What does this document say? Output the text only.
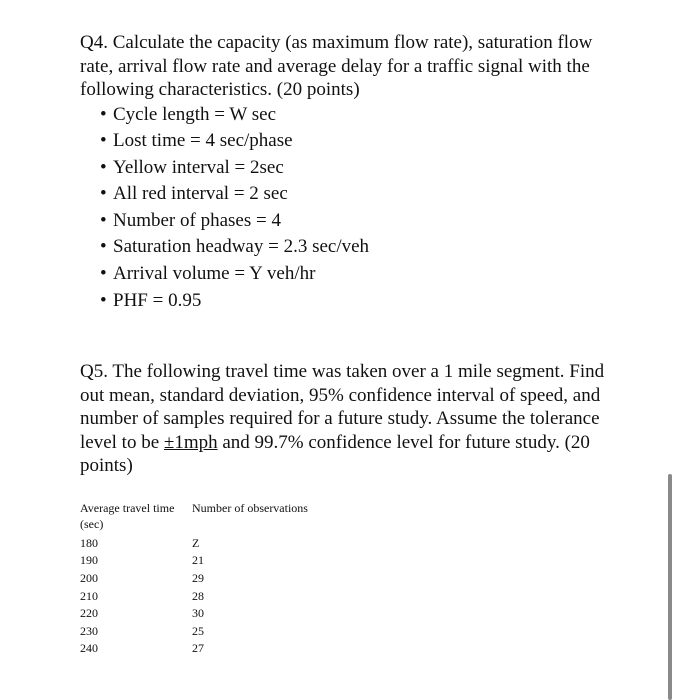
Q4. Calculate the capacity (as maximum flow rate), saturation flow rate, arrival flow rate and average delay for a traffic signal with the following characteristics. (20 points)

• Cycle length = W sec
• Lost time = 4 sec/phase
• Yellow interval = 2sec
• All red interval = 2 sec
• Number of phases = 4
• Saturation headway = 2.3 sec/veh
• Arrival volume = Y veh/hr
• PHF = 0.95

Q5. The following travel time was taken over a 1 mile segment. Find out mean, standard deviation, 95% confidence interval of speed, and number of samples required for a future study. Assume the tolerance level to be ±1mph and 99.7% confidence level for future study. (20 points)

Average travel time (sec)	Number of observations
180	Z
190	21
200	29
210	28
220	30
230	25
240	27
